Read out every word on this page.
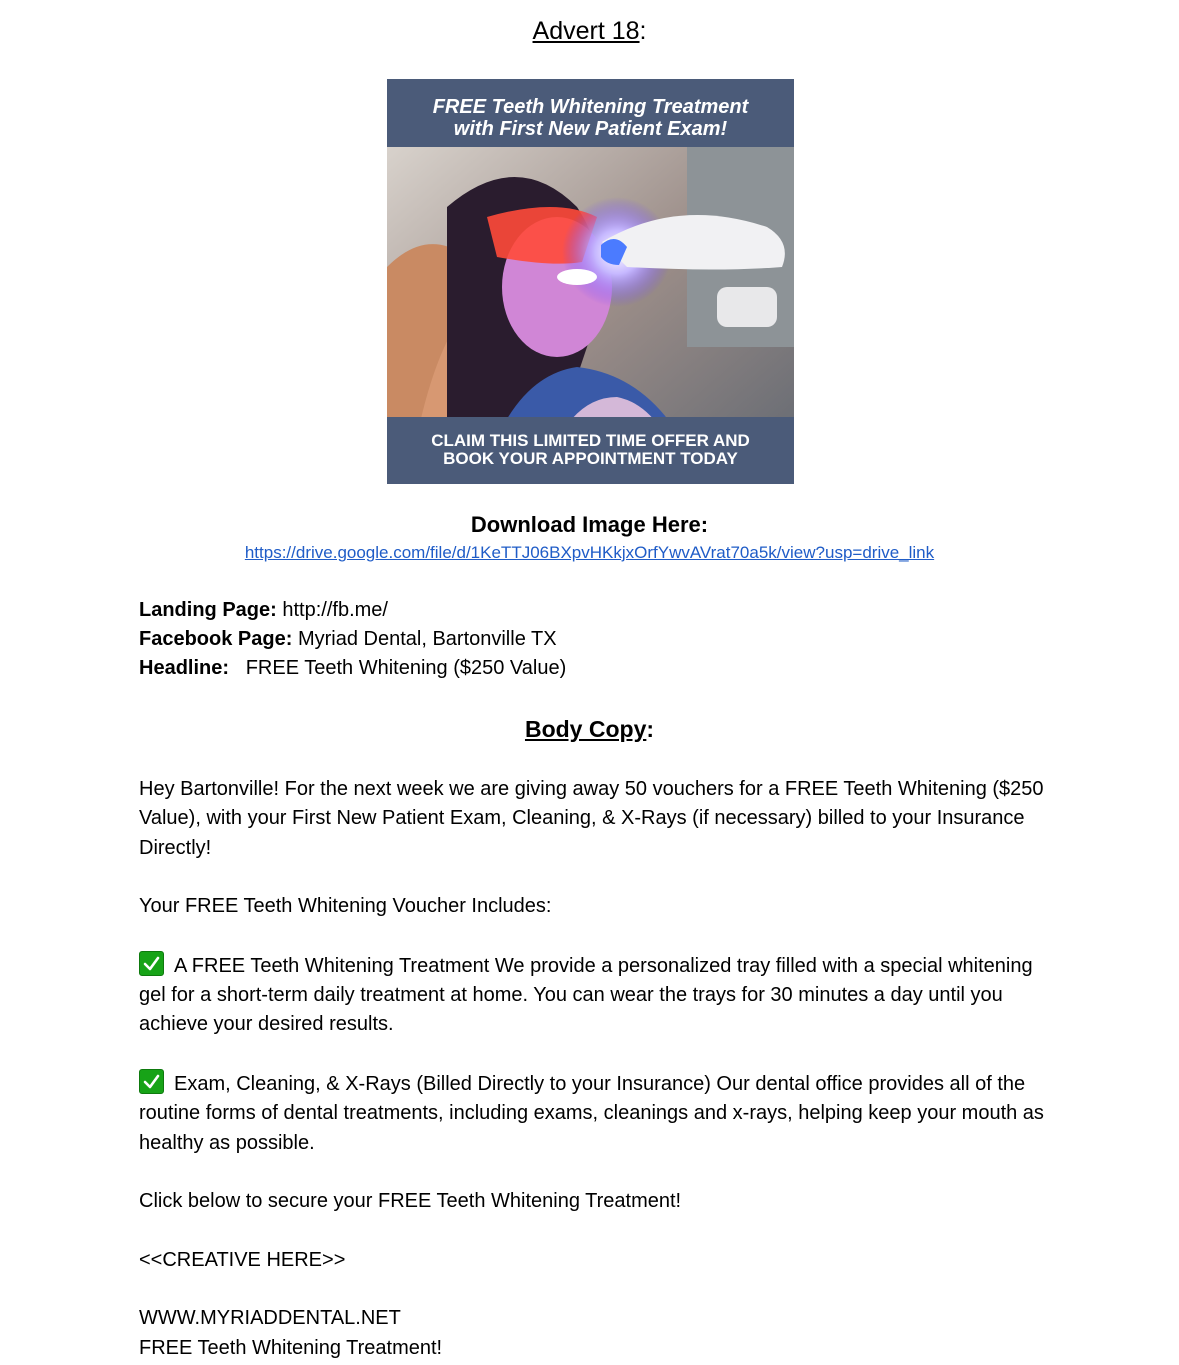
Advert 18:
FREE Teeth Whitening Treatment
with First New Patient Exam!
CLAIM THIS LIMITED TIME OFFER AND
BOOK YOUR APPOINTMENT TODAY
Download Image Here:
https://drive.google.com/file/d/1KeTTJ06BXpvHKkjxOrfYwvAVrat70a5k/view?usp=drive_link
Landing Page: http://fb.me/
Facebook Page: Myriad Dental, Bartonville TX
Headline:   FREE Teeth Whitening ($250 Value)
Body Copy:

Hey Bartonville! For the next week we are giving away 50 vouchers for a FREE Teeth Whitening ($250 Value), with your First New Patient Exam, Cleaning, & X-Rays (if necessary) billed to your Insurance Directly!

Your FREE Teeth Whitening Voucher Includes:

A FREE Teeth Whitening Treatment We provide a personalized tray filled with a special whitening gel for a short-term daily treatment at home. You can wear the trays for 30 minutes a day until you achieve your desired results.

Exam, Cleaning, & X-Rays (Billed Directly to your Insurance) Our dental office provides all of the routine forms of dental treatments, including exams, cleanings and x-rays, helping keep your mouth as healthy as possible.

Click below to secure your FREE Teeth Whitening Treatment!

<<CREATIVE HERE>>

WWW.MYRIADDENTAL.NET
FREE Teeth Whitening Treatment!
